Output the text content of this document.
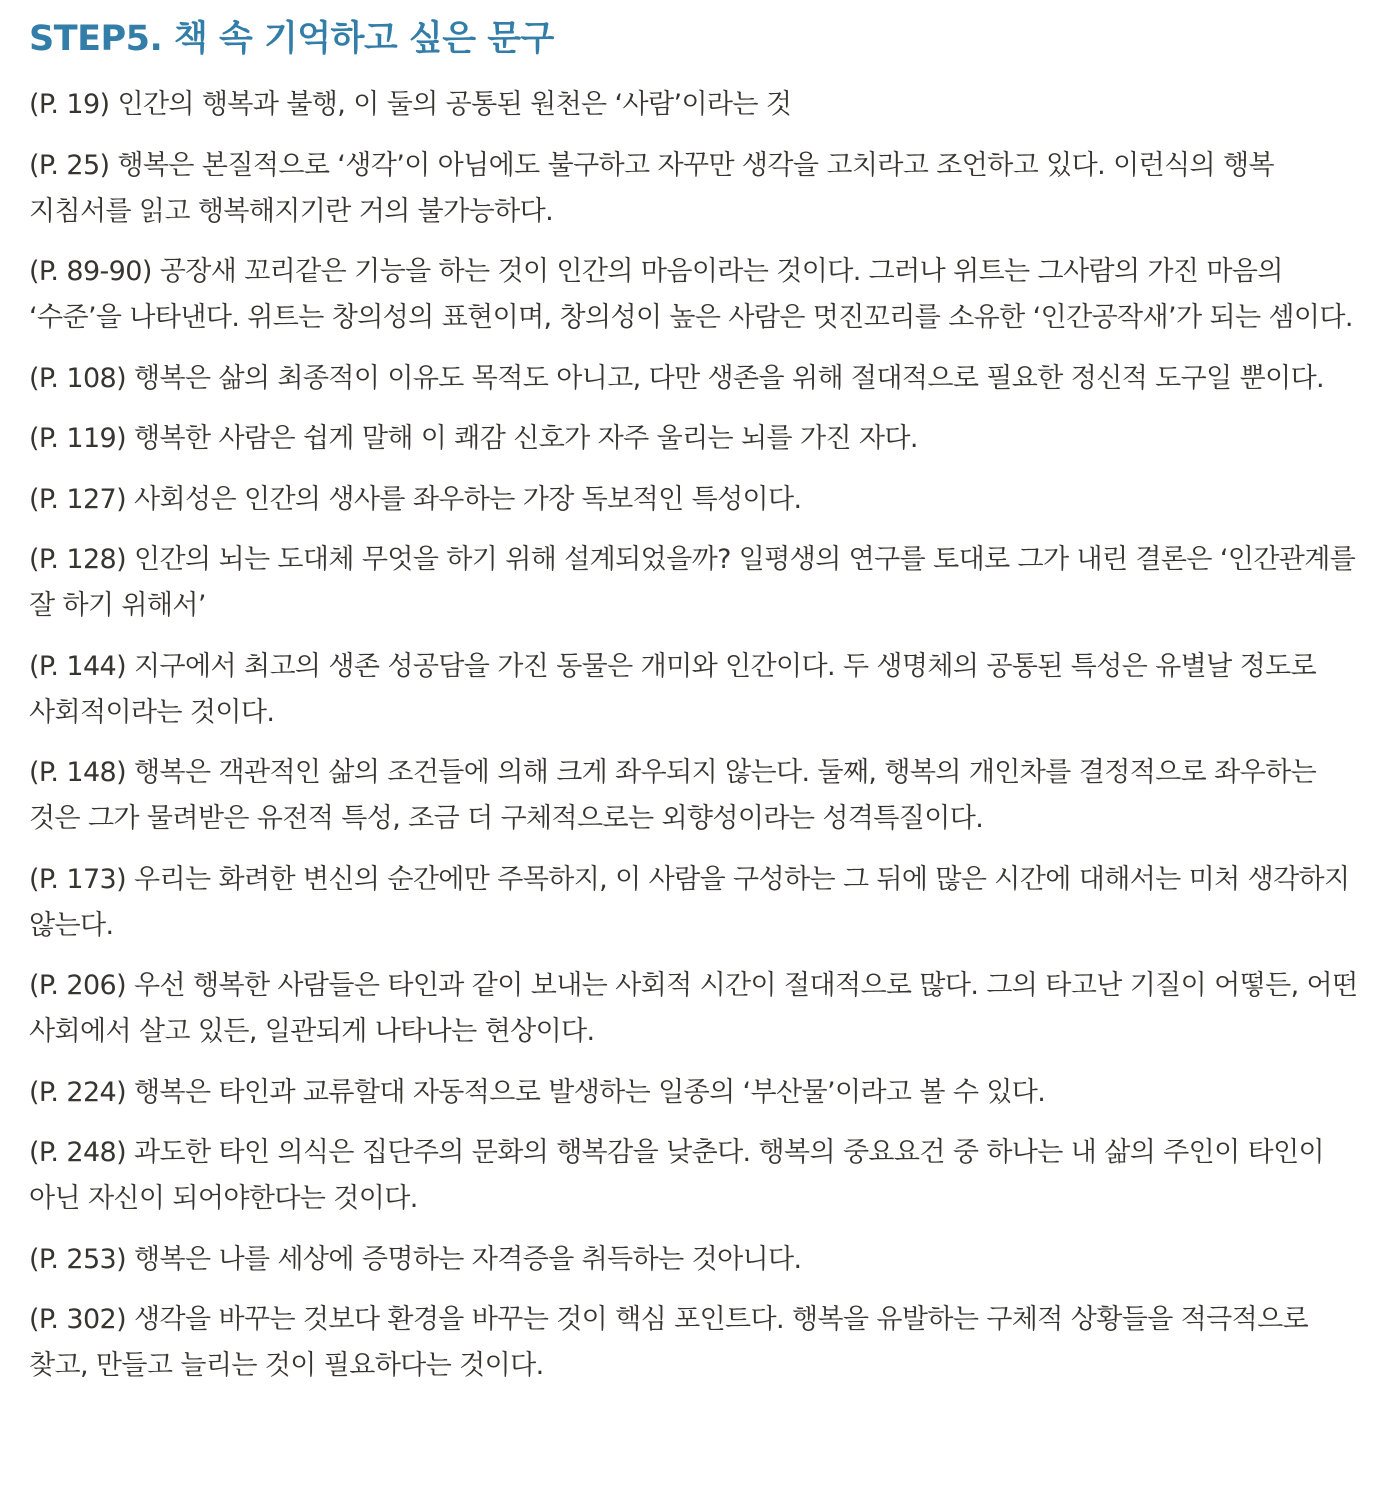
STEP5. 책 속 기억하고 싶은 문구
(P. 19) 인간의 행복과 불행, 이 둘의 공통된 원천은 ‘사람’이라는 것
(P. 25) 행복은 본질적으로 ‘생각’이 아님에도 불구하고 자꾸만 생각을 고치라고 조언하고 있다. 이런식의 행복 지침서를 읽고 행복해지기란 거의 불가능하다.
(P. 89-90) 공장새 꼬리같은 기능을 하는 것이 인간의 마음이라는 것이다. 그러나 위트는 그사람의 가진 마음의 ‘수준’을 나타낸다. 위트는 창의성의 표현이며, 창의성이 높은 사람은 멋진꼬리를 소유한 ‘인간공작새’가 되는 셈이다.
(P. 108) 행복은 삶의 최종적이 이유도 목적도 아니고, 다만 생존을 위해 절대적으로 필요한 정신적 도구일 뿐이다.
(P. 119) 행복한 사람은 쉽게 말해 이 쾌감 신호가 자주 울리는 뇌를 가진 자다.
(P. 127) 사회성은 인간의 생사를 좌우하는 가장 독보적인 특성이다.
(P. 128) 인간의 뇌는 도대체 무엇을 하기 위해 설계되었을까? 일평생의 연구를 토대로 그가 내린 결론은 ‘인간관계를 잘 하기 위해서’
(P. 144) 지구에서 최고의 생존 성공담을 가진 동물은 개미와 인간이다. 두 생명체의 공통된 특성은 유별날 정도로 사회적이라는 것이다.
(P. 148) 행복은 객관적인 삶의 조건들에 의해 크게 좌우되지 않는다. 둘째, 행복의 개인차를 결정적으로 좌우하는 것은 그가 물려받은 유전적 특성, 조금 더 구체적으로는 외향성이라는 성격특질이다.
(P. 173) 우리는 화려한 변신의 순간에만 주목하지, 이 사람을 구성하는 그 뒤에 많은 시간에 대해서는 미처 생각하지 않는다.
(P. 206) 우선 행복한 사람들은 타인과 같이 보내는 사회적 시간이 절대적으로 많다. 그의 타고난 기질이 어떻든, 어떤 사회에서 살고 있든, 일관되게 나타나는 현상이다.
(P. 224) 행복은 타인과 교류할대 자동적으로 발생하는 일종의 ‘부산물’이라고 볼 수 있다.
(P. 248) 과도한 타인 의식은 집단주의 문화의 행복감을 낮춘다. 행복의 중요요건 중 하나는 내 삶의 주인이 타인이 아닌 자신이 되어야한다는 것이다.
(P. 253) 행복은 나를 세상에 증명하는 자격증을 취득하는 것아니다.
(P. 302) 생각을 바꾸는 것보다 환경을 바꾸는 것이 핵심 포인트다. 행복을 유발하는 구체적 상황들을 적극적으로 찾고, 만들고 늘리는 것이 필요하다는 것이다.
